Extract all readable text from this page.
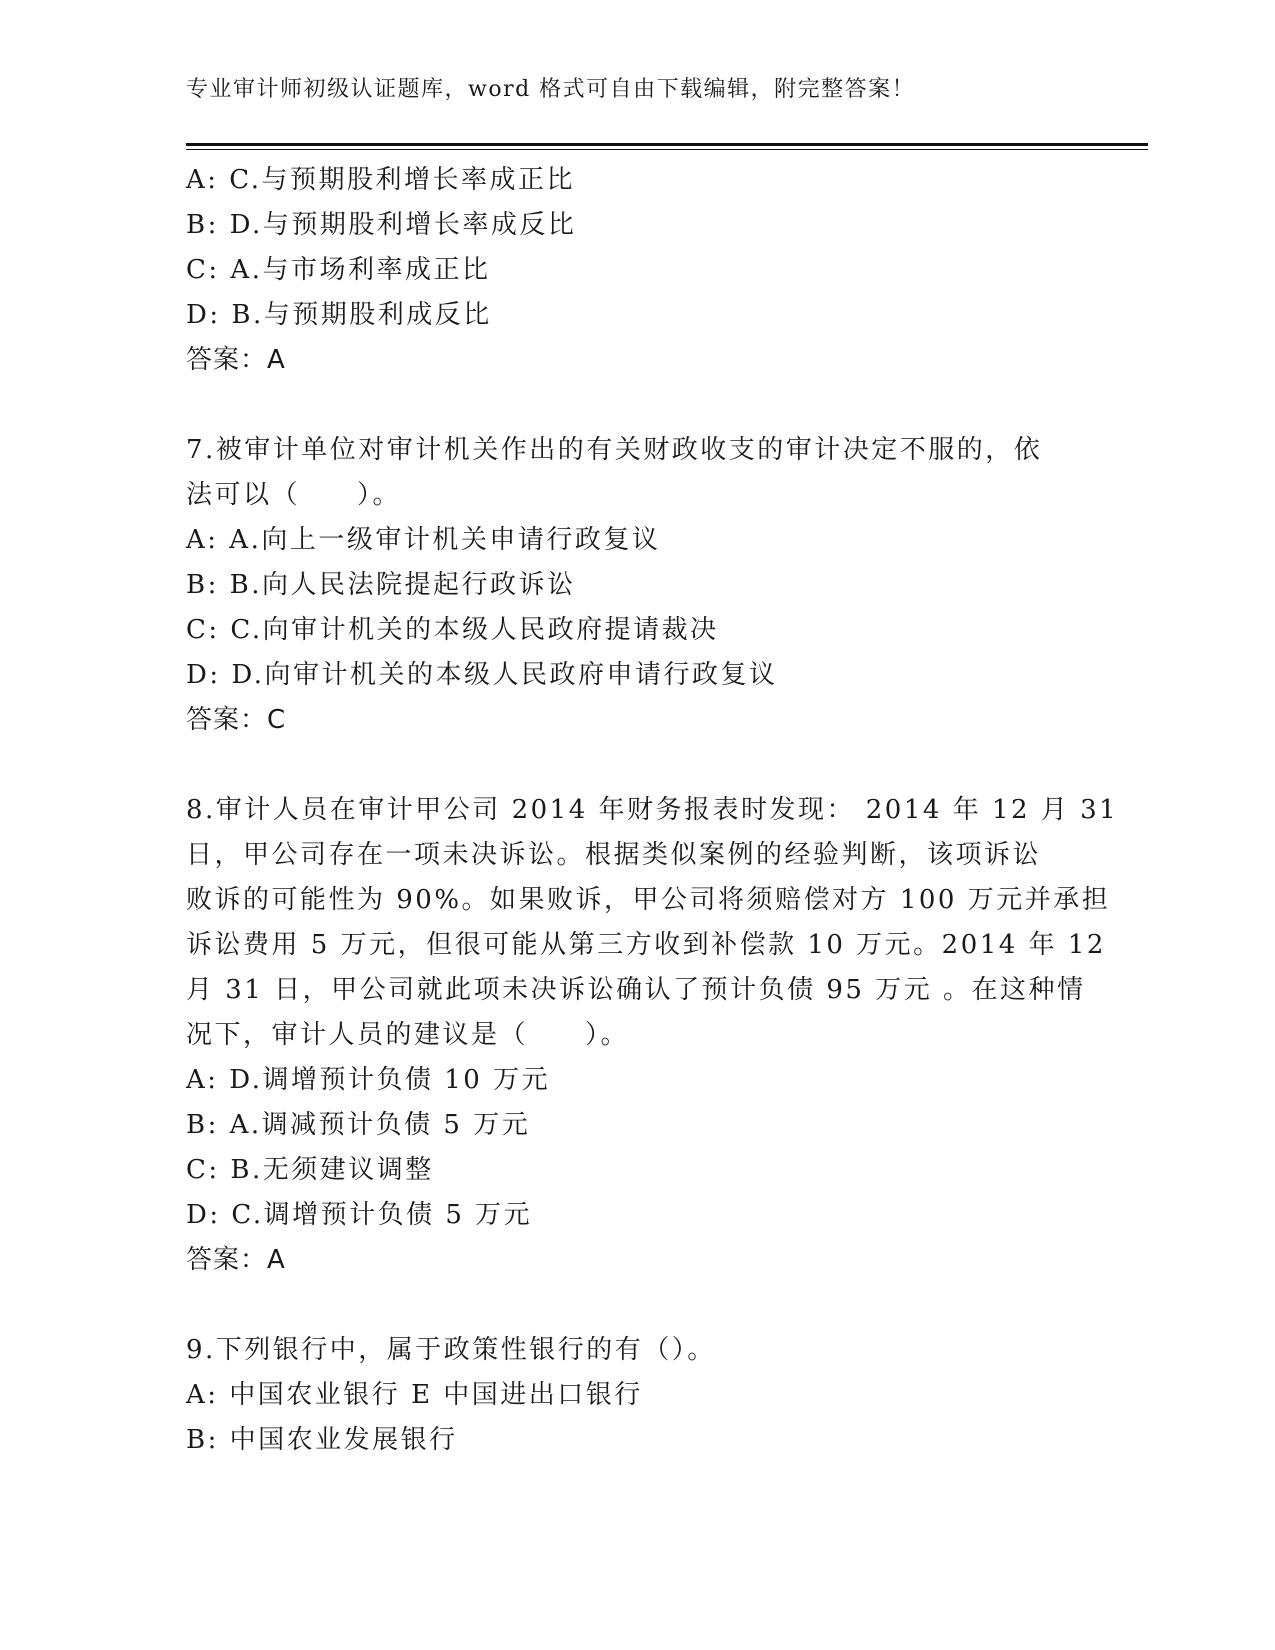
专业审计师初级认证题库，word 格式可自由下载编辑，附完整答案！
A: C.与预期股利增长率成正比
B: D.与预期股利增长率成反比
C: A.与市场利率成正比
D: B.与预期股利成反比
答案：A
7.被审计单位对审计机关作出的有关财政收支的审计决定不服的，依
法可以（　　）。
A: A.向上一级审计机关申请行政复议
B: B.向人民法院提起行政诉讼
C: C.向审计机关的本级人民政府提请裁决
D: D.向审计机关的本级人民政府申请行政复议
答案：C
8.审计人员在审计甲公司 2014 年财务报表时发现： 2014 年 12 月 31
日，甲公司存在一项未决诉讼。根据类似案例的经验判断，该项诉讼
败诉的可能性为 90%。如果败诉，甲公司将须赔偿对方 100 万元并承担
诉讼费用 5 万元，但很可能从第三方收到补偿款 10 万元。2014 年 12
月 31 日，甲公司就此项未决诉讼确认了预计负债 95 万元 。在这种情
况下，审计人员的建议是（　　）。
A: D.调增预计负债 10 万元
B: A.调减预计负债 5 万元
C: B.无须建议调整
D: C.调增预计负债 5 万元
答案：A
9.下列银行中，属于政策性银行的有（）。
A: 中国农业银行 E 中国进出口银行
B: 中国农业发展银行
